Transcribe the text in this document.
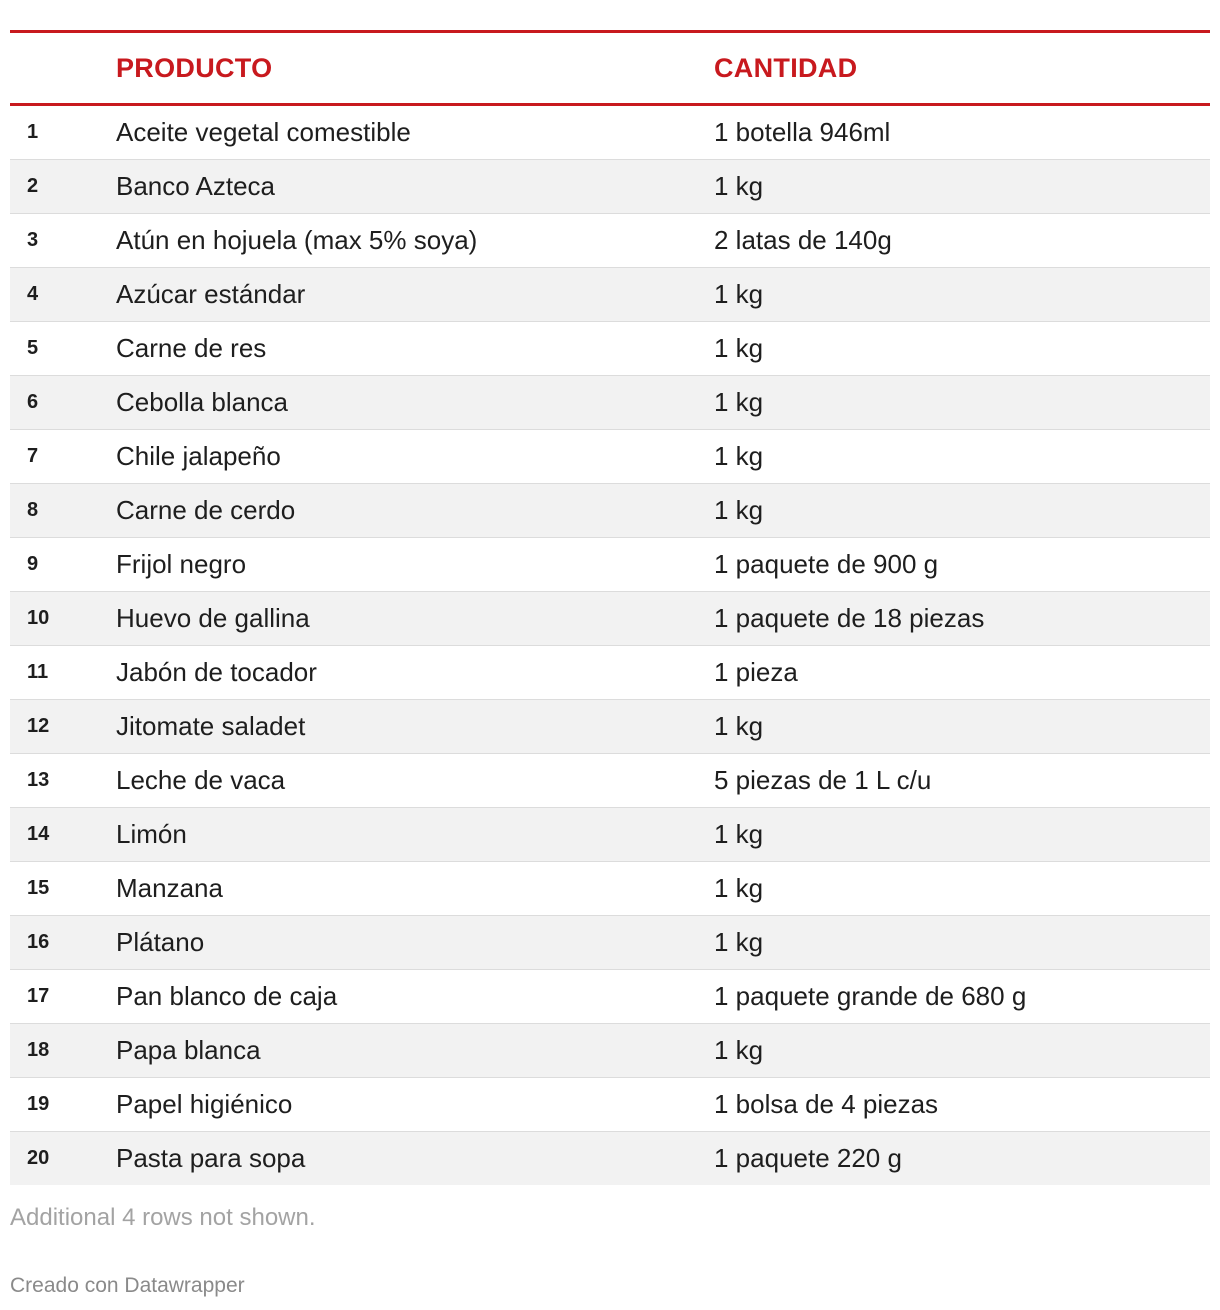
PRODUCTO	CANTIDAD
1	Aceite vegetal comestible	1 botella 946ml
2	Banco Azteca	1 kg
3	Atún en hojuela (max 5% soya)	2 latas de 140g
4	Azúcar estándar	1 kg
5	Carne de res	1 kg
6	Cebolla blanca	1 kg
7	Chile jalapeño	1 kg
8	Carne de cerdo	1 kg
9	Frijol negro	1 paquete de 900 g
10	Huevo de gallina	1 paquete de 18 piezas
11	Jabón de tocador	1 pieza
12	Jitomate saladet	1 kg
13	Leche de vaca	5 piezas de 1 L c/u
14	Limón	1 kg
15	Manzana	1 kg
16	Plátano	1 kg
17	Pan blanco de caja	1 paquete grande de 680 g
18	Papa blanca	1 kg
19	Papel higiénico	1 bolsa de 4 piezas
20	Pasta para sopa	1 paquete 220 g
Additional 4 rows not shown.
Creado con Datawrapper
